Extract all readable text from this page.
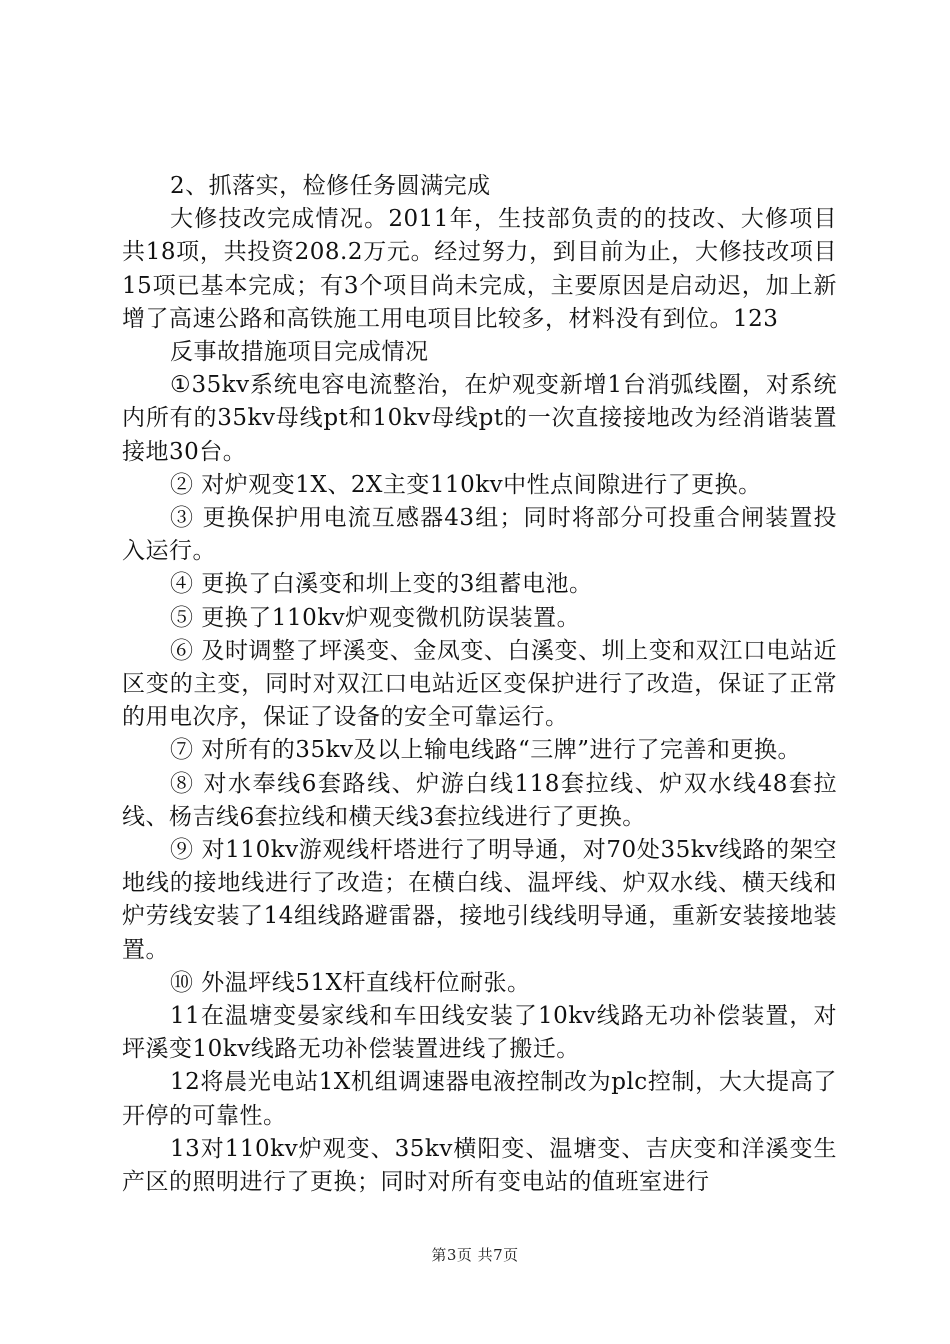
2、抓落实，检修任务圆满完成

大修技改完成情况。2011年，生技部负责的的技改、大修项目共18项，共投资208.2万元。经过努力，到目前为止，大修技改项目15项已基本完成；有3个项目尚未完成，主要原因是启动迟，加上新增了高速公路和高铁施工用电项目比较多，材料没有到位。123

反事故措施项目完成情况

①35kv系统电容电流整治，在炉观变新增1台消弧线圈，对系统内所有的35kv母线pt和10kv母线pt的一次直接接地改为经消谐装置接地30台。

② 对炉观变1X、2X主变110kv中性点间隙进行了更换。

③ 更换保护用电流互感器43组；同时将部分可投重合闸装置投入运行。

④ 更换了白溪变和圳上变的3组蓄电池。

⑤ 更换了110kv炉观变微机防误装置。

⑥ 及时调整了坪溪变、金凤变、白溪变、圳上变和双江口电站近区变的主变，同时对双江口电站近区变保护进行了改造，保证了正常的用电次序，保证了设备的安全可靠运行。

⑦ 对所有的35kv及以上输电线路“三牌”进行了完善和更换。

⑧ 对水奉线6套路线、炉游白线118套拉线、炉双水线48套拉线、杨吉线6套拉线和横天线3套拉线进行了更换。

⑨ 对110kv游观线杆塔进行了明导通，对70处35kv线路的架空地线的接地线进行了改造；在横白线、温坪线、炉双水线、横天线和炉劳线安装了14组线路避雷器，接地引线线明导通，重新安装接地装置。

⑩ 外温坪线51X杆直线杆位耐张。

11在温塘变晏家线和车田线安装了10kv线路无功补偿装置，对坪溪变10kv线路无功补偿装置进线了搬迁。

12将晨光电站1X机组调速器电液控制改为plc控制，大大提高了开停的可靠性。

13对110kv炉观变、35kv横阳变、温塘变、吉庆变和洋溪变生产区的照明进行了更换；同时对所有变电站的值班室进行

第3页 共7页
